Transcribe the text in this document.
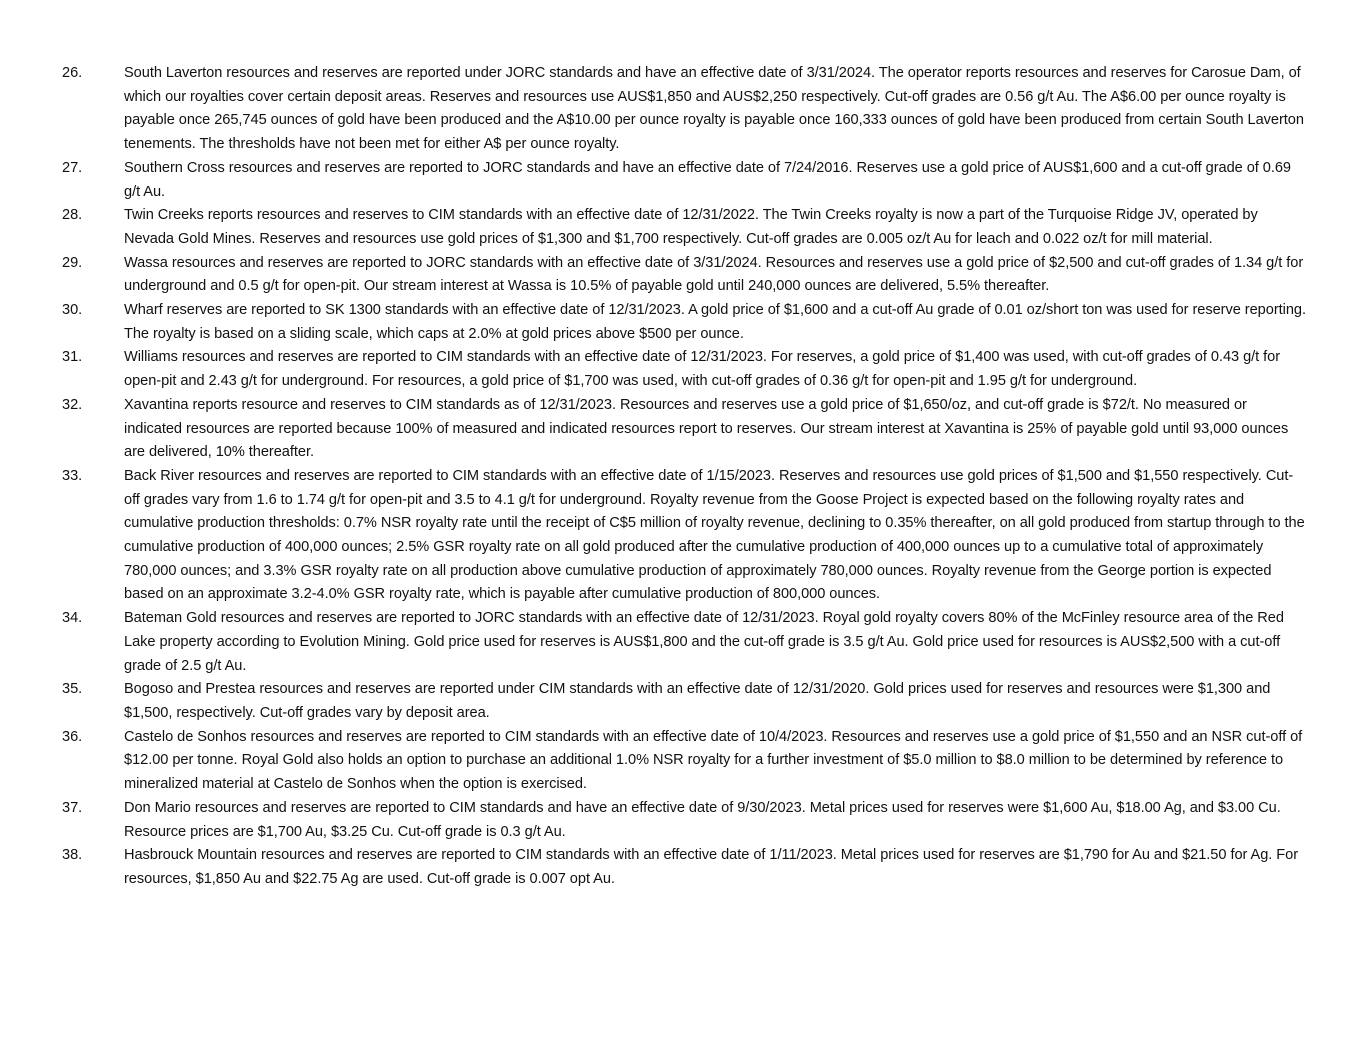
26.	South Laverton resources and reserves are reported under JORC standards and have an effective date of 3/31/2024. The operator reports resources and reserves for Carosue Dam, of which our royalties cover certain deposit areas. Reserves and resources use AUS$1,850 and AUS$2,250 respectively. Cut-off grades are 0.56 g/t Au. The A$6.00 per ounce royalty is payable once 265,745 ounces of gold have been produced and the A$10.00 per ounce royalty is payable once 160,333 ounces of gold have been produced from certain South Laverton tenements. The thresholds have not been met for either A$ per ounce royalty.
27.	Southern Cross resources and reserves are reported to JORC standards and have an effective date of 7/24/2016. Reserves use a gold price of AUS$1,600 and a cut-off grade of 0.69 g/t Au.
28.	Twin Creeks reports resources and reserves to CIM standards with an effective date of 12/31/2022. The Twin Creeks royalty is now a part of the Turquoise Ridge JV, operated by Nevada Gold Mines. Reserves and resources use gold prices of $1,300 and $1,700 respectively. Cut-off grades are 0.005 oz/t Au for leach and 0.022 oz/t for mill material.
29.	Wassa resources and reserves are reported to JORC standards with an effective date of 3/31/2024. Resources and reserves use a gold price of $2,500 and cut-off grades of 1.34 g/t for underground and 0.5 g/t for open-pit. Our stream interest at Wassa is 10.5% of payable gold until 240,000 ounces are delivered, 5.5% thereafter.
30.	Wharf reserves are reported to SK 1300 standards with an effective date of 12/31/2023. A gold price of $1,600 and a cut-off Au grade of 0.01 oz/short ton was used for reserve reporting. The royalty is based on a sliding scale, which caps at 2.0% at gold prices above $500 per ounce.
31.	Williams resources and reserves are reported to CIM standards with an effective date of 12/31/2023. For reserves, a gold price of $1,400 was used, with cut-off grades of 0.43 g/t for open-pit and 2.43 g/t for underground. For resources, a gold price of $1,700 was used, with cut-off grades of 0.36 g/t for open-pit and 1.95 g/t for underground.
32.	Xavantina reports resource and reserves to CIM standards as of 12/31/2023. Resources and reserves use a gold price of $1,650/oz, and cut-off grade is $72/t. No measured or indicated resources are reported because 100% of measured and indicated resources report to reserves. Our stream interest at Xavantina is 25% of payable gold until 93,000 ounces are delivered, 10% thereafter.
33.	Back River resources and reserves are reported to CIM standards with an effective date of 1/15/2023. Reserves and resources use gold prices of $1,500 and $1,550 respectively. Cut-off grades vary from 1.6 to 1.74 g/t for open-pit and 3.5 to 4.1 g/t for underground. Royalty revenue from the Goose Project is expected based on the following royalty rates and cumulative production thresholds: 0.7% NSR royalty rate until the receipt of C$5 million of royalty revenue, declining to 0.35% thereafter, on all gold produced from startup through to the cumulative production of 400,000 ounces; 2.5% GSR royalty rate on all gold produced after the cumulative production of 400,000 ounces up to a cumulative total of approximately 780,000 ounces; and 3.3% GSR royalty rate on all production above cumulative production of approximately 780,000 ounces. Royalty revenue from the George portion is expected based on an approximate 3.2-4.0% GSR royalty rate, which is payable after cumulative production of 800,000 ounces.
34.	Bateman Gold resources and reserves are reported to JORC standards with an effective date of 12/31/2023. Royal gold royalty covers 80% of the McFinley resource area of the Red Lake property according to Evolution Mining. Gold price used for reserves is AUS$1,800 and the cut-off grade is 3.5 g/t Au. Gold price used for resources is AUS$2,500 with a cut-off grade of 2.5 g/t Au.
35.	Bogoso and Prestea resources and reserves are reported under CIM standards with an effective date of 12/31/2020. Gold prices used for reserves and resources were $1,300 and $1,500, respectively. Cut-off grades vary by deposit area.
36.	Castelo de Sonhos resources and reserves are reported to CIM standards with an effective date of 10/4/2023. Resources and reserves use a gold price of $1,550 and an NSR cut-off of $12.00 per tonne. Royal Gold also holds an option to purchase an additional 1.0% NSR royalty for a further investment of $5.0 million to $8.0 million to be determined by reference to mineralized material at Castelo de Sonhos when the option is exercised.
37.	Don Mario resources and reserves are reported to CIM standards and have an effective date of 9/30/2023. Metal prices used for reserves were $1,600 Au, $18.00 Ag, and $3.00 Cu. Resource prices are $1,700 Au, $3.25 Cu. Cut-off grade is 0.3 g/t Au.
38.	Hasbrouck Mountain resources and reserves are reported to CIM standards with an effective date of 1/11/2023. Metal prices used for reserves are $1,790 for Au and $21.50 for Ag. For resources, $1,850 Au and $22.75 Ag are used. Cut-off grade is 0.007 opt Au.
